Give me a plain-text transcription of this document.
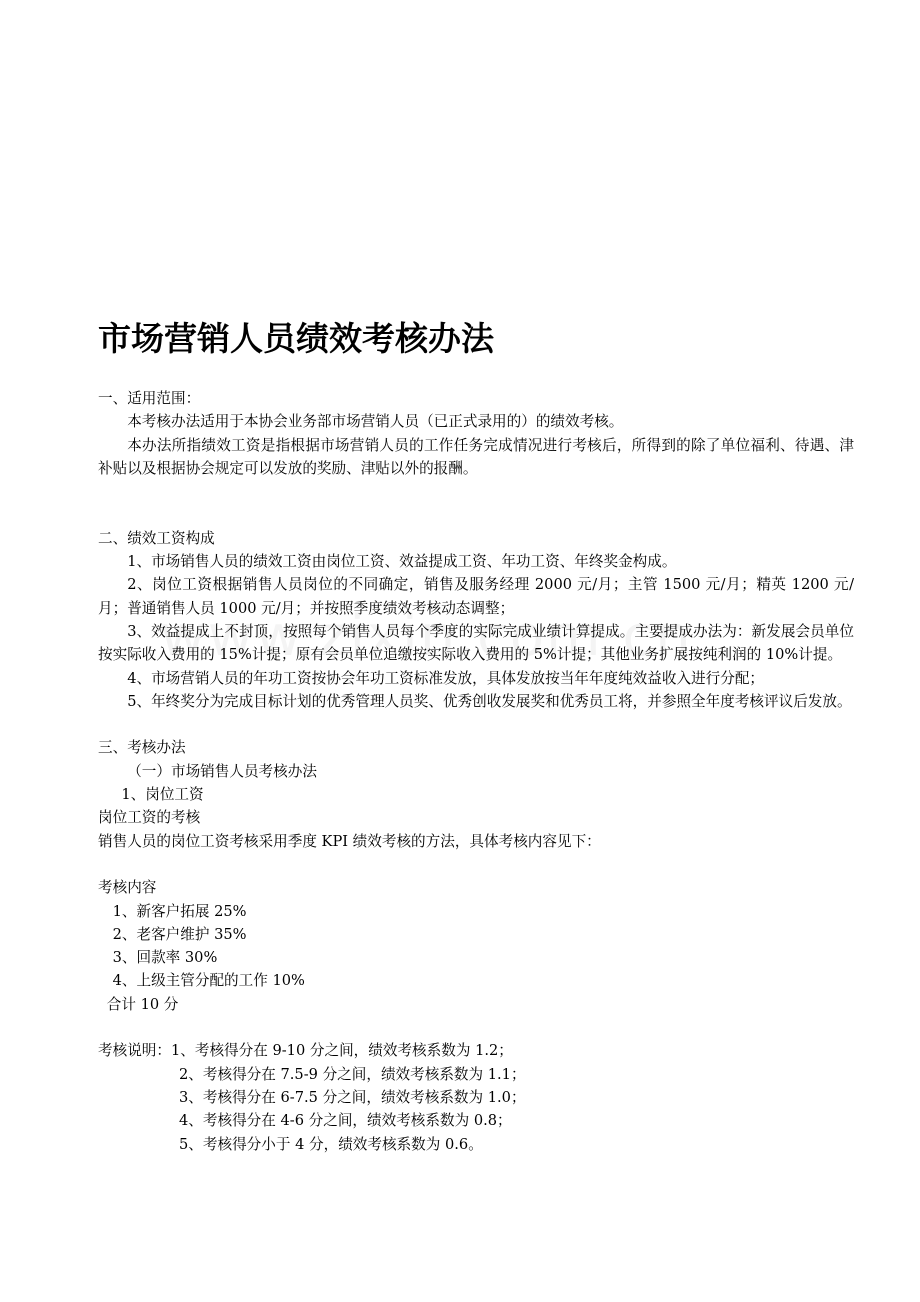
市场营销人员绩效考核办法

一、适用范围：

本考核办法适用于本协会业务部市场营销人员（已正式录用的）的绩效考核。

本办法所指绩效工资是指根据市场营销人员的工作任务完成情况进行考核后，所得到的除了单位福利、待遇、津补贴以及根据协会规定可以发放的奖励、津贴以外的报酬。

二、绩效工资构成

1、市场销售人员的绩效工资由岗位工资、效益提成工资、年功工资、年终奖金构成。

2、岗位工资根据销售人员岗位的不同确定，销售及服务经理 2000 元/月；主管 1500 元/月；精英 1200 元/月；普通销售人员 1000 元/月；并按照季度绩效考核动态调整；

3、效益提成上不封顶，按照每个销售人员每个季度的实际完成业绩计算提成。主要提成办法为：新发展会员单位按实际收入费用的 15%计提；原有会员单位追缴按实际收入费用的 5%计提；其他业务扩展按纯利润的 10%计提。

4、市场营销人员的年功工资按协会年功工资标准发放，具体发放按当年年度纯效益收入进行分配；

5、年终奖分为完成目标计划的优秀管理人员奖、优秀创收发展奖和优秀员工将，并参照全年度考核评议后发放。

三、考核办法

（一）市场销售人员考核办法

1、岗位工资

岗位工资的考核

销售人员的岗位工资考核采用季度 KPI 绩效考核的方法，具体考核内容见下：

考核内容

1、新客户拓展 25%

2、老客户维护 35%

3、回款率 30%

4、上级主管分配的工作 10%

合计 10 分

考核说明：1、考核得分在 9-10 分之间，绩效考核系数为 1.2；

2、考核得分在 7.5-9 分之间，绩效考核系数为 1.1；

3、考核得分在 6-7.5 分之间，绩效考核系数为 1.0；

4、考核得分在 4-6 分之间，绩效考核系数为 0.8；

5、考核得分小于 4 分，绩效考核系数为 0.6。
